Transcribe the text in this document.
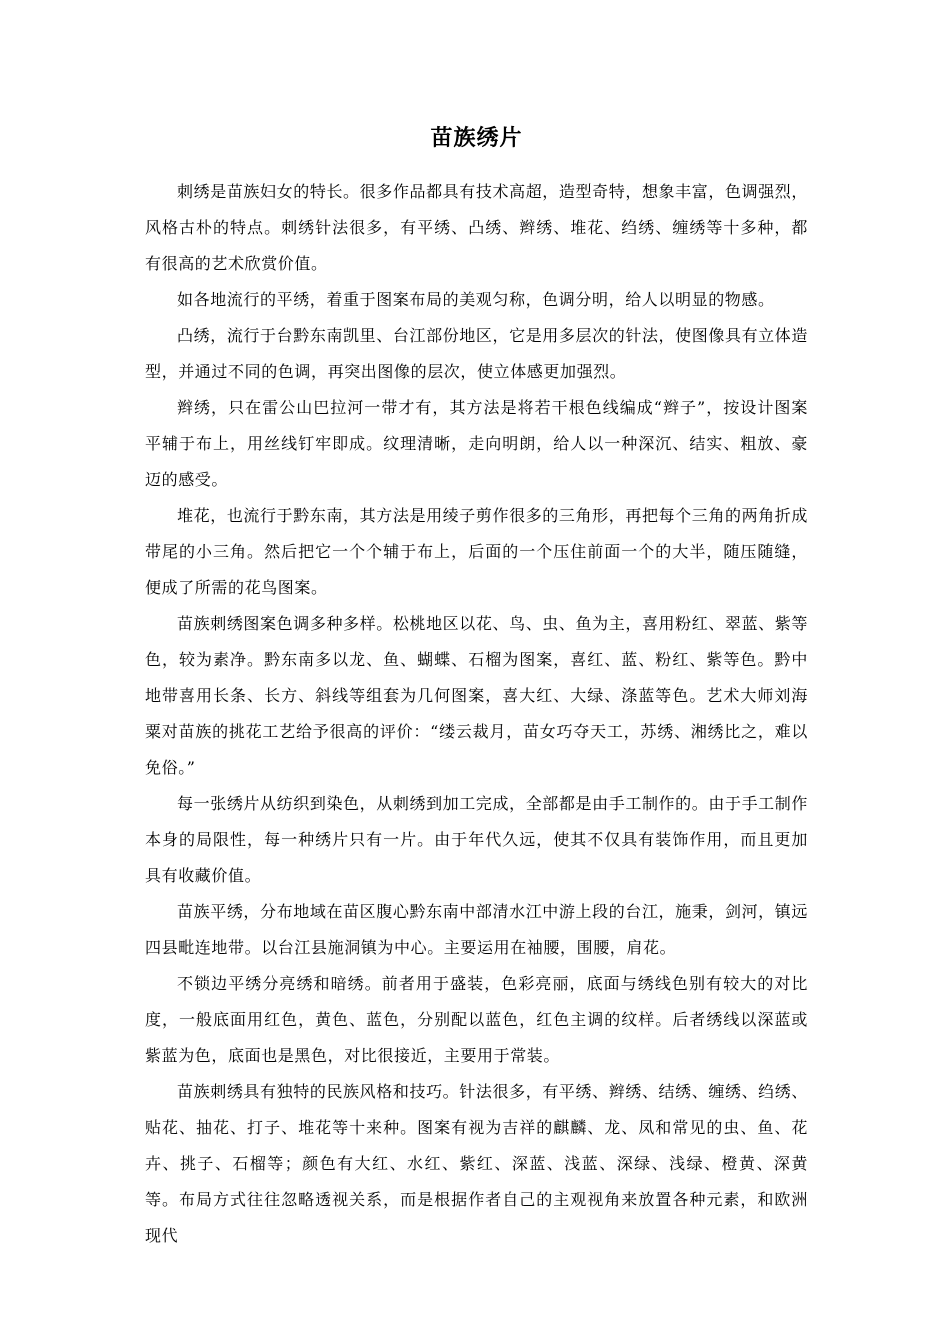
苗族绣片

刺绣是苗族妇女的特长。很多作品都具有技术高超，造型奇特，想象丰富，色调强烈，风格古朴的特点。刺绣针法很多，有平绣、凸绣、辫绣、堆花、绉绣、缠绣等十多种，都有很高的艺术欣赏价值。

如各地流行的平绣，着重于图案布局的美观匀称，色调分明，给人以明显的物感。

凸绣，流行于台黔东南凯里、台江部份地区，它是用多层次的针法，使图像具有立体造型，并通过不同的色调，再突出图像的层次，使立体感更加强烈。

辫绣，只在雷公山巴拉河一带才有，其方法是将若干根色线编成“辫子”，按设计图案平辅于布上，用丝线钉牢即成。纹理清晰，走向明朗，给人以一种深沉、结实、粗放、豪迈的感受。

堆花，也流行于黔东南，其方法是用绫子剪作很多的三角形，再把每个三角的两角折成带尾的小三角。然后把它一个个辅于布上，后面的一个压住前面一个的大半，随压随缝，便成了所需的花鸟图案。

苗族刺绣图案色调多种多样。松桃地区以花、鸟、虫、鱼为主，喜用粉红、翠蓝、紫等色，较为素净。黔东南多以龙、鱼、蝴蝶、石榴为图案，喜红、蓝、粉红、紫等色。黔中地带喜用长条、长方、斜线等组套为几何图案，喜大红、大绿、涤蓝等色。艺术大师刘海粟对苗族的挑花工艺给予很高的评价：“缕云裁月，苗女巧夺天工，苏绣、湘绣比之，难以免俗。”

每一张绣片从纺织到染色，从刺绣到加工完成，全部都是由手工制作的。由于手工制作本身的局限性，每一种绣片只有一片。由于年代久远，使其不仅具有装饰作用，而且更加具有收藏价值。

苗族平绣，分布地域在苗区腹心黔东南中部清水江中游上段的台江，施秉，剑河，镇远四县毗连地带。以台江县施洞镇为中心。主要运用在袖腰，围腰，肩花。

不锁边平绣分亮绣和暗绣。前者用于盛装，色彩亮丽，底面与绣线色别有较大的对比度，一般底面用红色，黄色、蓝色，分别配以蓝色，红色主调的纹样。后者绣线以深蓝或紫蓝为色，底面也是黑色，对比很接近，主要用于常装。

苗族刺绣具有独特的民族风格和技巧。针法很多，有平绣、辫绣、结绣、缠绣、绉绣、贴花、抽花、打子、堆花等十来种。图案有视为吉祥的麒麟、龙、凤和常见的虫、鱼、花卉、挑子、石榴等；颜色有大红、水红、紫红、深蓝、浅蓝、深绿、浅绿、橙黄、深黄等。布局方式往往忽略透视关系，而是根据作者自己的主观视角来放置各种元素，和欧洲现代
